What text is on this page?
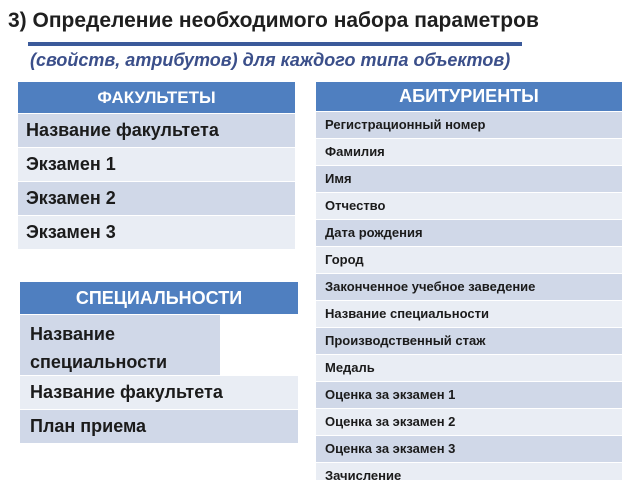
3) Определение необходимого набора параметров
(свойств, атрибутов) для каждого типа объектов)
ФАКУЛЬТЕТЫ
Название факультета
Экзамен 1
Экзамен 2
Экзамен 3
СПЕЦИАЛЬНОСТИ
Название специальности
Название факультета
План приема
АБИТУРИЕНТЫ
Регистрационный номер
Фамилия
Имя
Отчество
Дата рождения
Город
Законченное учебное заведение
Название специальности
Производственный стаж
Медаль
Оценка за экзамен 1
Оценка за экзамен 2
Оценка за экзамен 3
Зачисление
